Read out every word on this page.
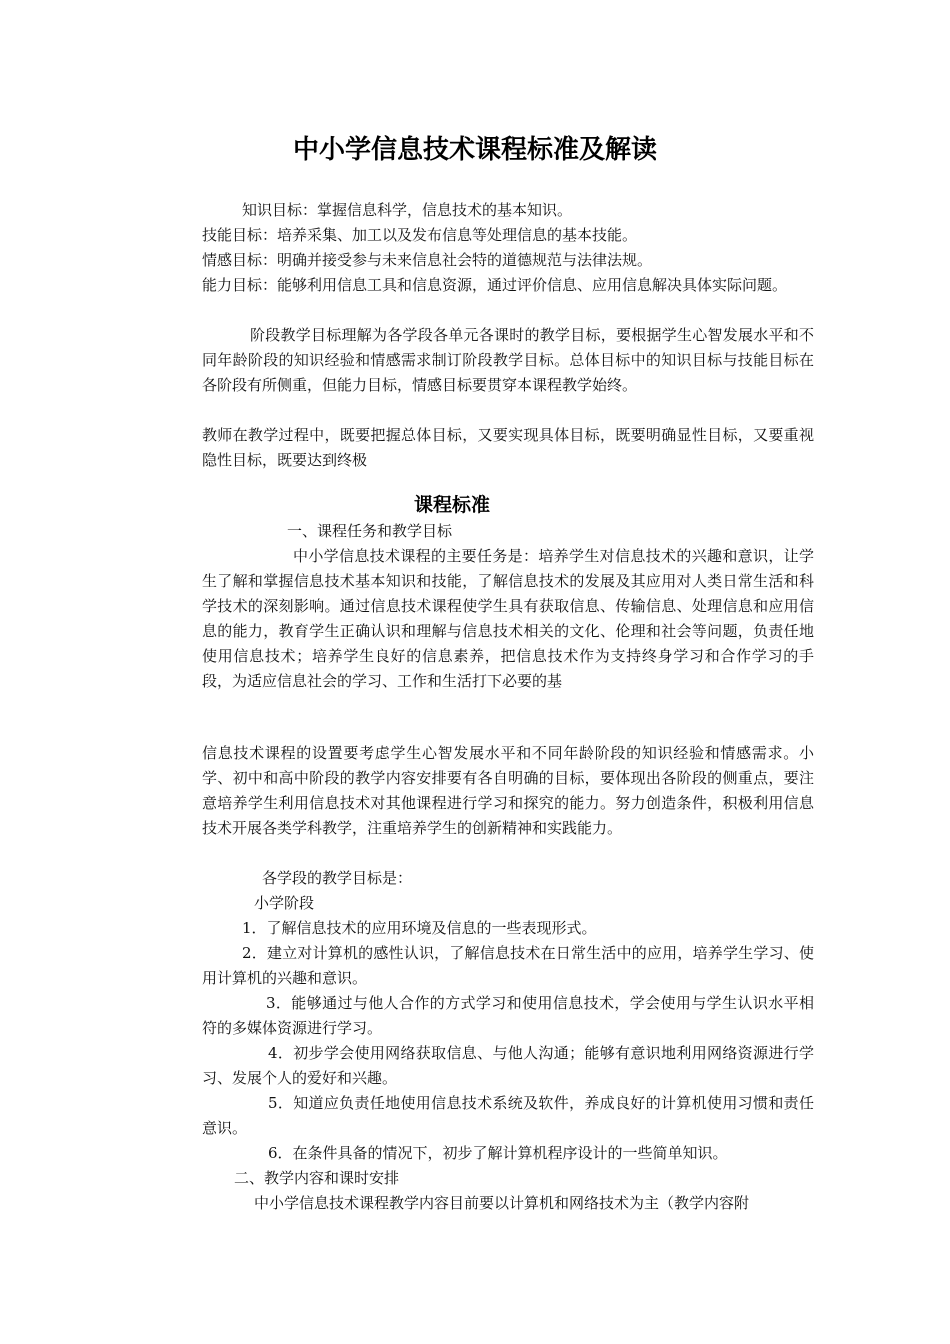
中小学信息技术课程标准及解读

知识目标：掌握信息科学，信息技术的基本知识。

技能目标：培养采集、加工以及发布信息等处理信息的基本技能。

情感目标：明确并接受参与未来信息社会特的道德规范与法律法规。

能力目标：能够利用信息工具和信息资源，通过评价信息、应用信息解决具体实际问题。

阶段教学目标理解为各学段各单元各课时的教学目标，要根据学生心智发展水平和不同年龄阶段的知识经验和情感需求制订阶段教学目标。总体目标中的知识目标与技能目标在各阶段有所侧重，但能力目标，情感目标要贯穿本课程教学始终。

教师在教学过程中，既要把握总体目标，又要实现具体目标，既要明确显性目标，又要重视隐性目标，既要达到终极

课程标准

一、课程任务和教学目标

中小学信息技术课程的主要任务是：培养学生对信息技术的兴趣和意识，让学生了解和掌握信息技术基本知识和技能，了解信息技术的发展及其应用对人类日常生活和科学技术的深刻影响。通过信息技术课程使学生具有获取信息、传输信息、处理信息和应用信息的能力，教育学生正确认识和理解与信息技术相关的文化、伦理和社会等问题，负责任地使用信息技术；培养学生良好的信息素养，把信息技术作为支持终身学习和合作学习的手段，为适应信息社会的学习、工作和生活打下必要的基

信息技术课程的设置要考虑学生心智发展水平和不同年龄阶段的知识经验和情感需求。小学、初中和高中阶段的教学内容安排要有各自明确的目标，要体现出各阶段的侧重点，要注意培养学生利用信息技术对其他课程进行学习和探究的能力。努力创造条件，积极利用信息技术开展各类学科教学，注重培养学生的创新精神和实践能力。

各学段的教学目标是：

小学阶段

1．了解信息技术的应用环境及信息的一些表现形式。

2．建立对计算机的感性认识，了解信息技术在日常生活中的应用，培养学生学习、使用计算机的兴趣和意识。

3．能够通过与他人合作的方式学习和使用信息技术，学会使用与学生认识水平相符的多媒体资源进行学习。

4．初步学会使用网络获取信息、与他人沟通；能够有意识地利用网络资源进行学习、发展个人的爱好和兴趣。

5．知道应负责任地使用信息技术系统及软件，养成良好的计算机使用习惯和责任意识。

6．在条件具备的情况下，初步了解计算机程序设计的一些简单知识。

二、教学内容和课时安排

中小学信息技术课程教学内容目前要以计算机和网络技术为主（教学内容附
